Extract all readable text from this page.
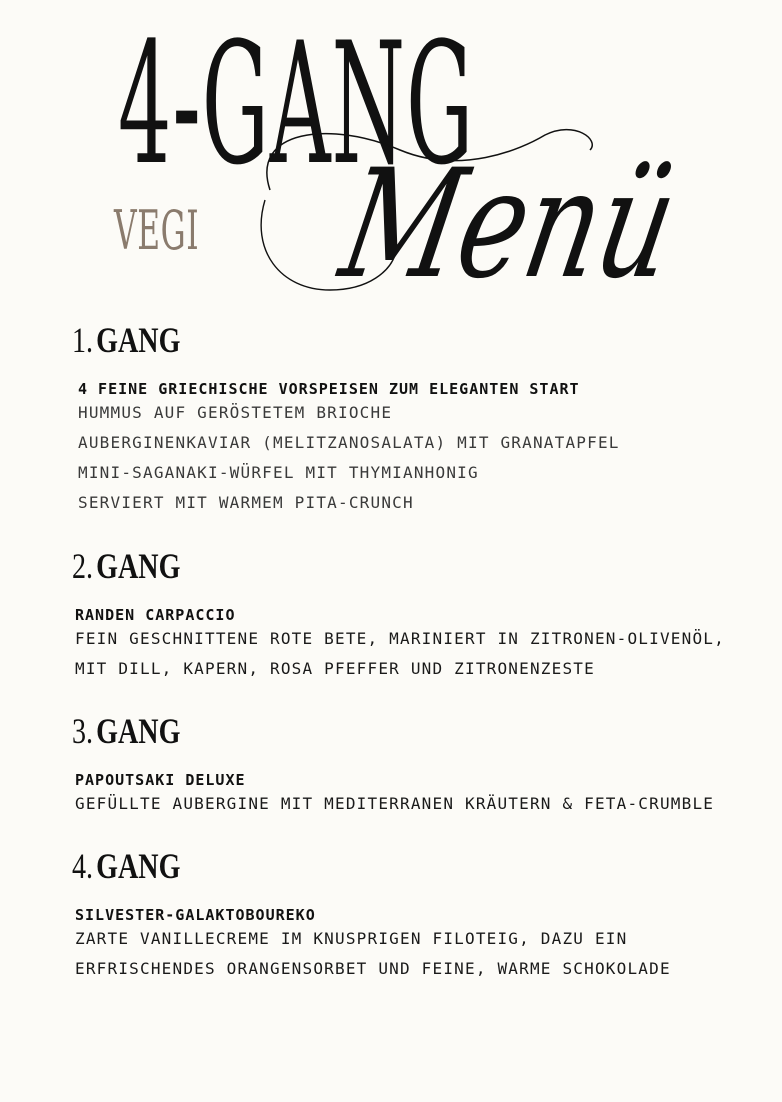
4-GANG
VEGI Menü
1.GANG
4 FEINE GRIECHISCHE VORSPEISEN ZUM ELEGANTEN START
HUMMUS AUF GERÖSTETEM BRIOCHE
AUBERGINENKAVIAR (MELITZANOSALATA) MIT GRANATAPFEL
MINI-SAGANAKI-WÜRFEL MIT THYMIANHONIG
SERVIERT MIT WARMEM PITA-CRUNCH
2.GANG
RANDEN CARPACCIO
FEIN GESCHNITTENE ROTE BETE, MARINIERT IN ZITRONEN-OLIVENÖL,
MIT DILL, KAPERN, ROSA PFEFFER UND ZITRONENZESTE
3.GANG
PAPOUTSAKI DELUXE
GEFÜLLTE AUBERGINE MIT MEDITERRANEN KRÄUTERN & FETA-CRUMBLE
4.GANG
SILVESTER-GALAKTOBOUREKO
ZARTE VANILLECREME IM KNUSPRIGEN FILOTEIG, DAZU EIN
ERFRISCHENDES ORANGENSORBET UND FEINE, WARME SCHOKOLADE
